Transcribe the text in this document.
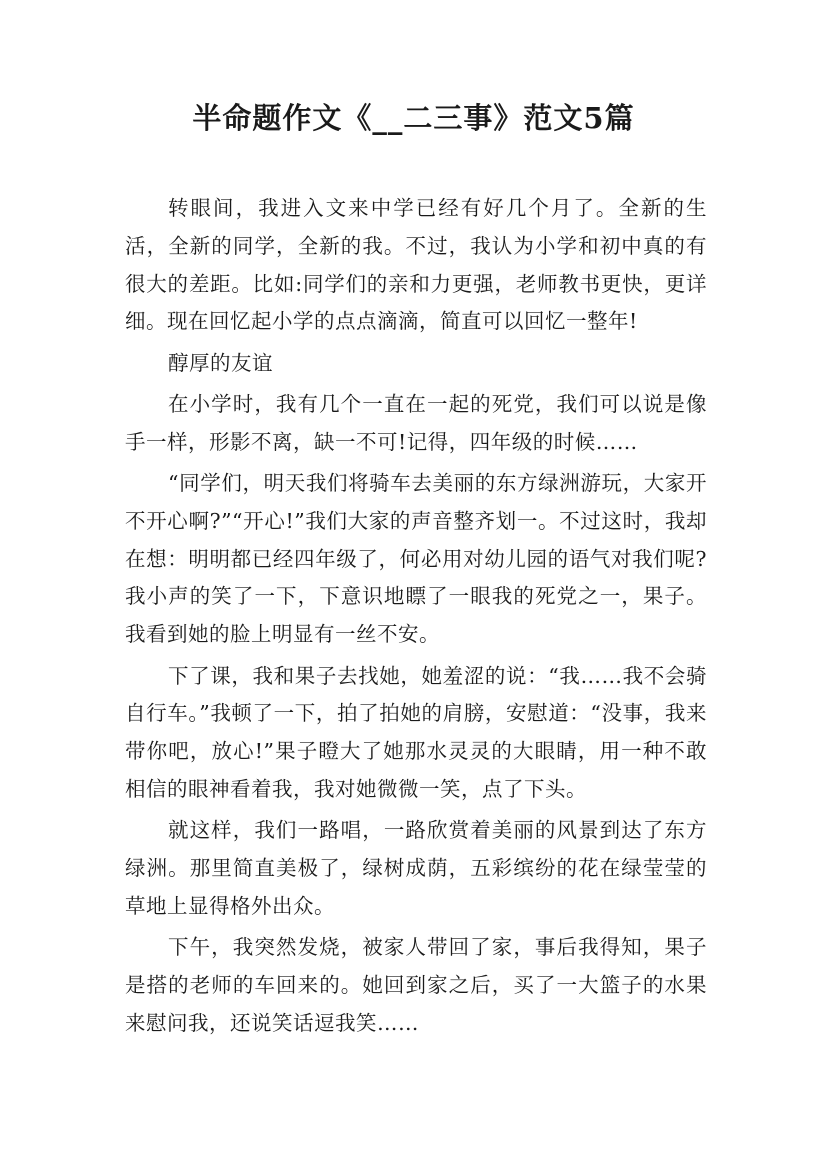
半命题作文《__二三事》范文5篇

转眼间，我进入文来中学已经有好几个月了。全新的生活，全新的同学，全新的我。不过，我认为小学和初中真的有很大的差距。比如:同学们的亲和力更强，老师教书更快，更详细。现在回忆起小学的点点滴滴，简直可以回忆一整年!

醇厚的友谊

在小学时，我有几个一直在一起的死党，我们可以说是像手一样，形影不离，缺一不可!记得，四年级的时候……

“同学们，明天我们将骑车去美丽的东方绿洲游玩，大家开不开心啊?”“开心!”我们大家的声音整齐划一。不过这时，我却在想：明明都已经四年级了，何必用对幼儿园的语气对我们呢?我小声的笑了一下，下意识地瞟了一眼我的死党之一，果子。我看到她的脸上明显有一丝不安。

下了课，我和果子去找她，她羞涩的说：“我……我不会骑自行车。”我顿了一下，拍了拍她的肩膀，安慰道：“没事，我来带你吧，放心!”果子瞪大了她那水灵灵的大眼睛，用一种不敢相信的眼神看着我，我对她微微一笑，点了下头。

就这样，我们一路唱，一路欣赏着美丽的风景到达了东方绿洲。那里简直美极了，绿树成荫，五彩缤纷的花在绿莹莹的草地上显得格外出众。

下午，我突然发烧，被家人带回了家，事后我得知，果子是搭的老师的车回来的。她回到家之后，买了一大篮子的水果来慰问我，还说笑话逗我笑……
